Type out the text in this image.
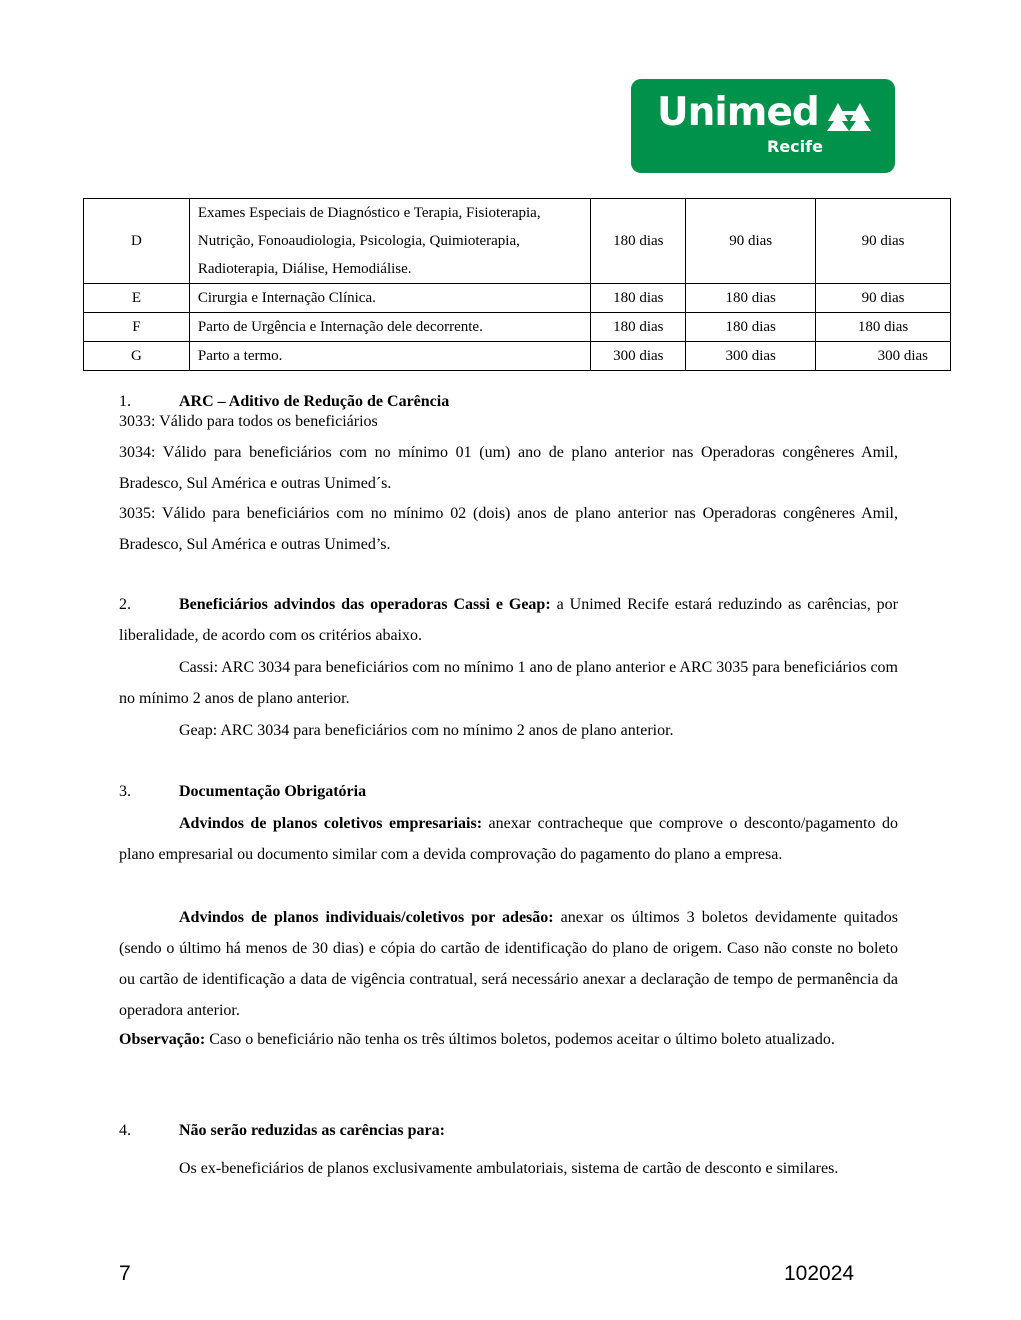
Unimed
Recife
D	Exames Especiais de Diagnóstico e Terapia, Fisioterapia, Nutrição, Fonoaudiologia, Psicologia, Quimioterapia, Radioterapia, Diálise, Hemodiálise.	180 dias	90 dias	90 dias
E	Cirurgia e Internação Clínica.	180 dias	180 dias	90 dias
F	Parto de Urgência e Internação dele decorrente.	180 dias	180 dias	180 dias
G	Parto a termo.	300 dias	300 dias	300 dias
1.	ARC – Aditivo de Redução de Carência
3033: Válido para todos os beneficiários
3034: Válido para beneficiários com no mínimo 01 (um) ano de plano anterior nas Operadoras congêneres Amil, Bradesco, Sul América e outras Unimed´s.
3035: Válido para beneficiários com no mínimo 02 (dois) anos de plano anterior nas Operadoras congêneres Amil, Bradesco, Sul América e outras Unimed’s.
2.	Beneficiários advindos das operadoras Cassi e Geap: a Unimed Recife estará reduzindo as carências, por liberalidade, de acordo com os critérios abaixo.
Cassi: ARC 3034 para beneficiários com no mínimo 1 ano de plano anterior e ARC 3035 para beneficiários com no mínimo 2 anos de plano anterior.
Geap: ARC 3034 para beneficiários com no mínimo 2 anos de plano anterior.
3.	Documentação Obrigatória
Advindos de planos coletivos empresariais: anexar contracheque que comprove o desconto/pagamento do plano empresarial ou documento similar com a devida comprovação do pagamento do plano a empresa.
Advindos de planos individuais/coletivos por adesão: anexar os últimos 3 boletos devidamente quitados (sendo o último há menos de 30 dias) e cópia do cartão de identificação do plano de origem. Caso não conste no boleto ou cartão de identificação a data de vigência contratual, será necessário anexar a declaração de tempo de permanência da operadora anterior.
Observação: Caso o beneficiário não tenha os três últimos boletos, podemos aceitar o último boleto atualizado.
4.	Não serão reduzidas as carências para:
Os ex-beneficiários de planos exclusivamente ambulatoriais, sistema de cartão de desconto e similares.
7	102024
